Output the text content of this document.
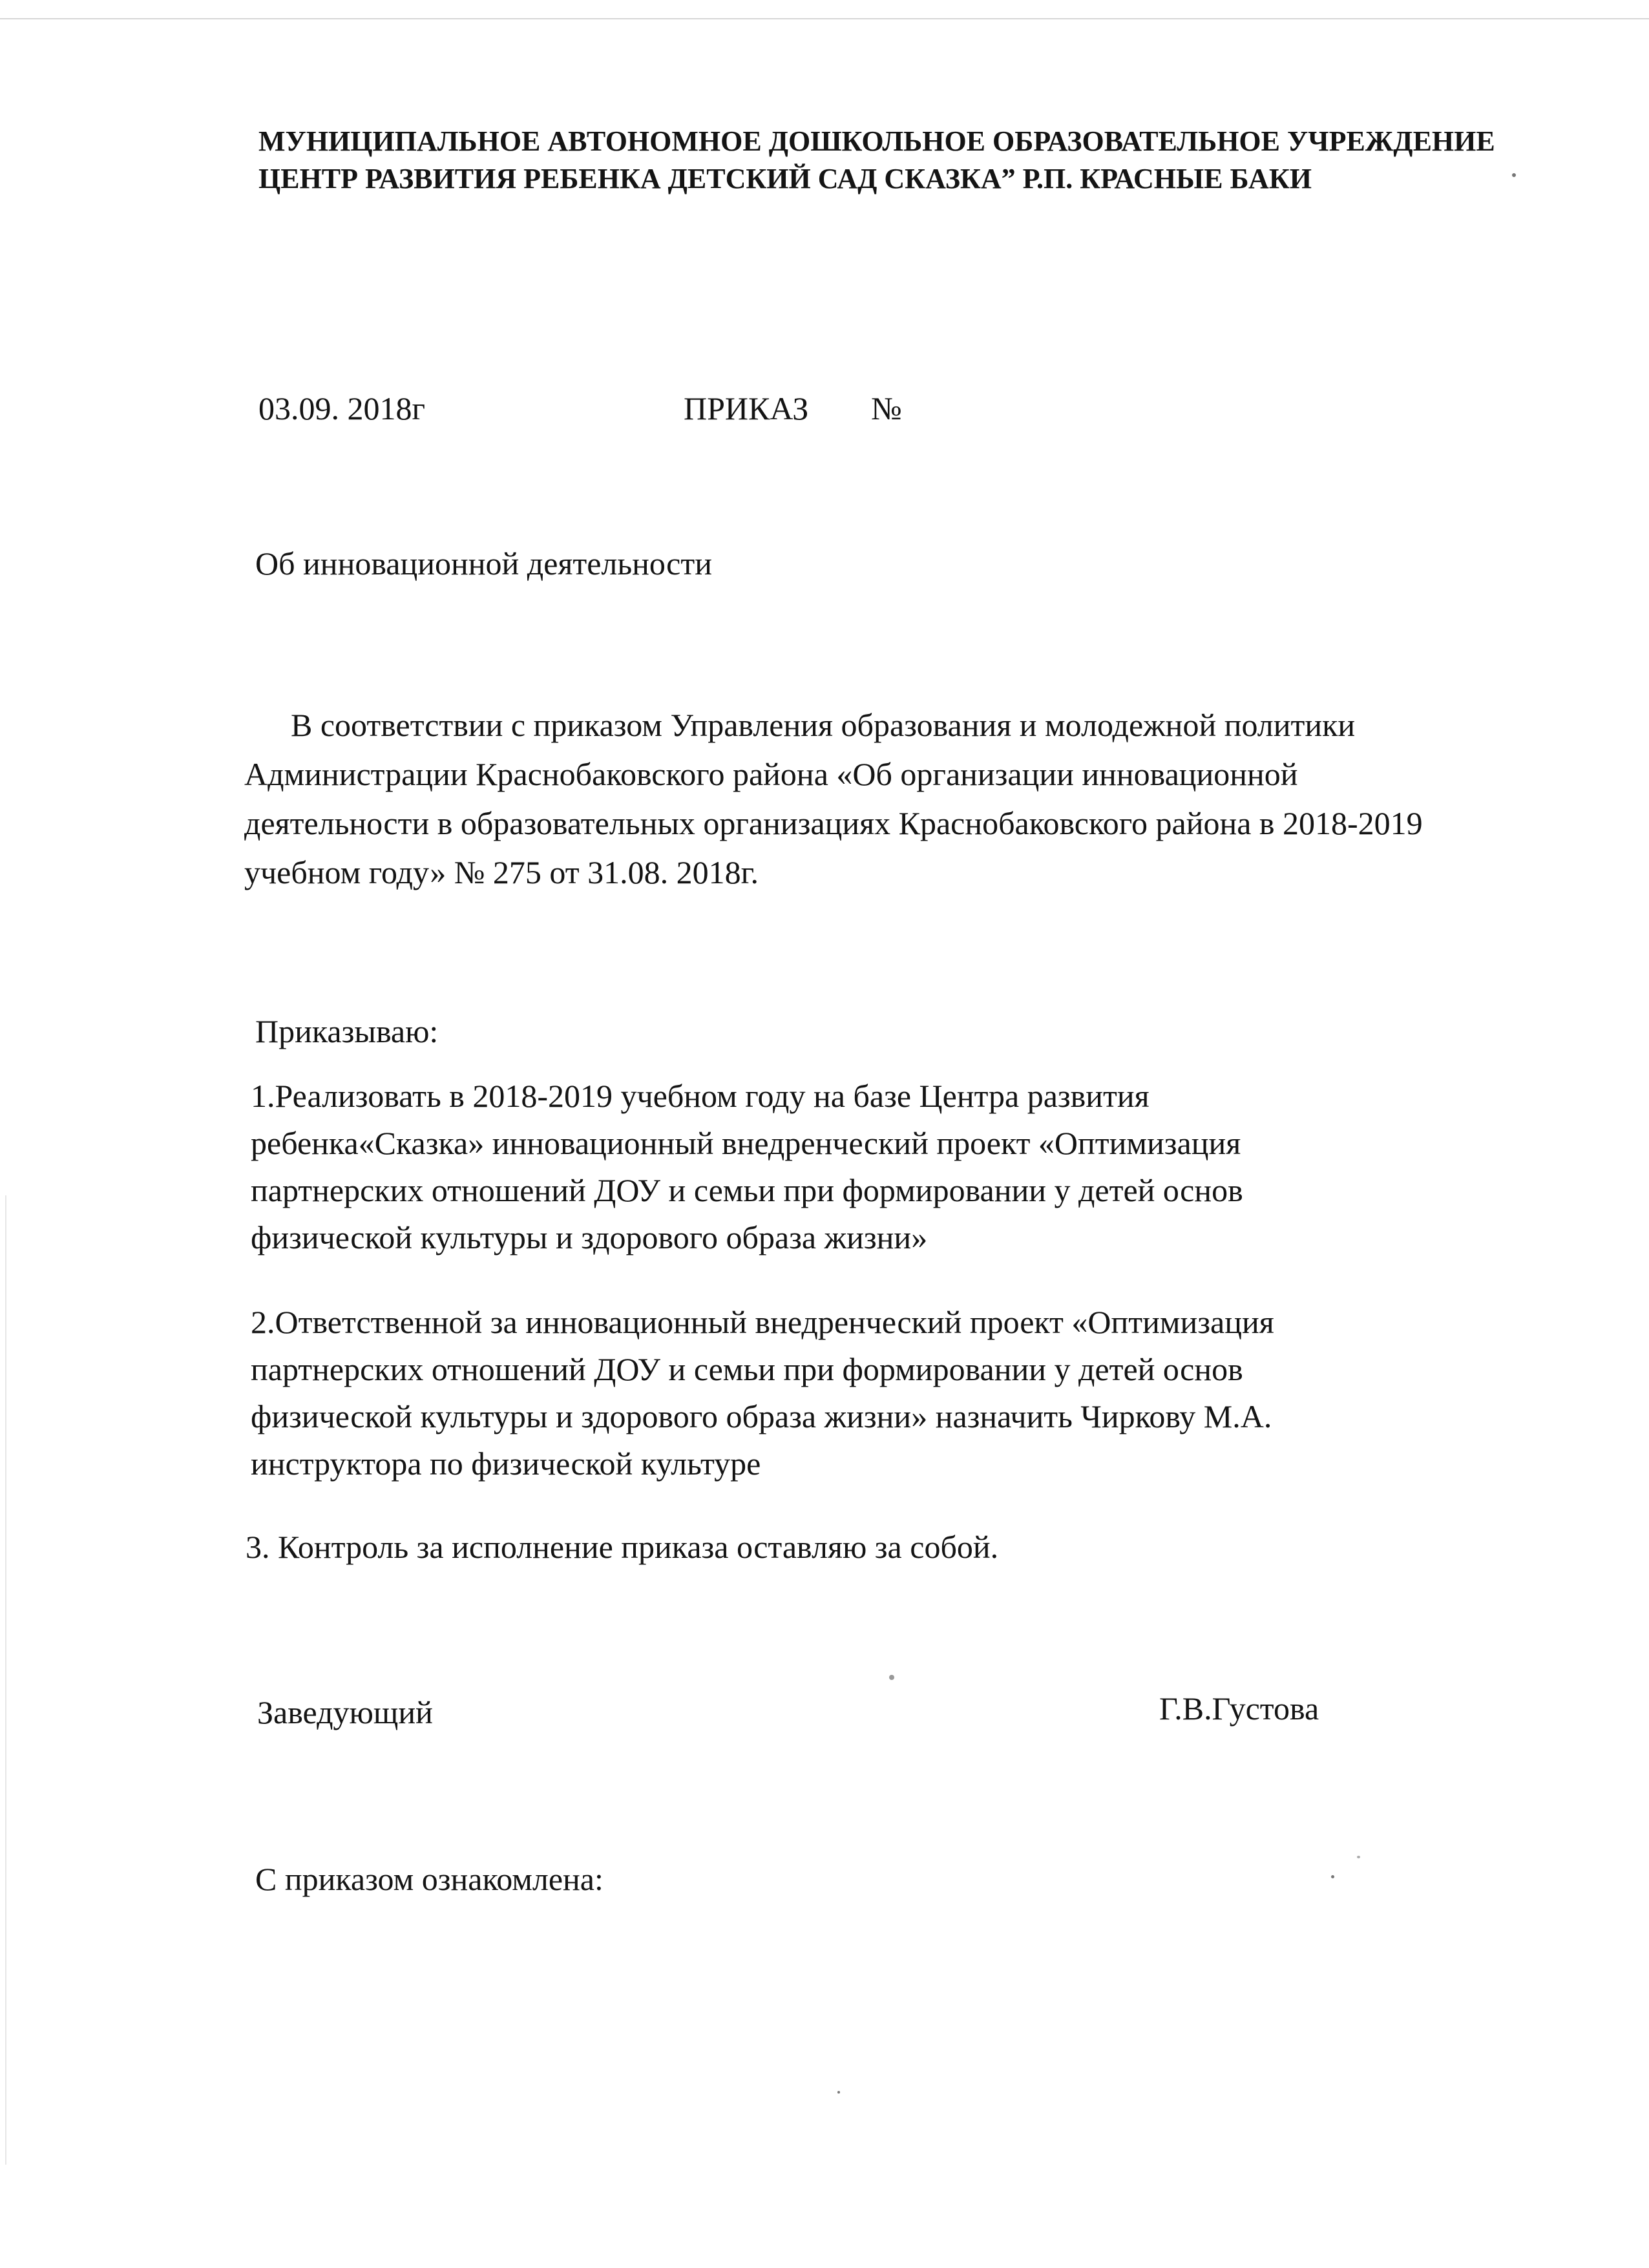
МУНИЦИПАЛЬНОЕ АВТОНОМНОЕ ДОШКОЛЬНОЕ ОБРАЗОВАТЕЛЬНОЕ УЧРЕЖДЕНИЕ
ЦЕНТР РАЗВИТИЯ РЕБЕНКА ДЕТСКИЙ САД СКАЗКА” Р.П. КРАСНЫЕ БАКИ
03.09. 2018г	ПРИКАЗ №
Об инновационной деятельности
В соответствии с приказом Управления образования и молодежной политики
Администрации Краснобаковского района «Об организации инновационной
деятельности в образовательных организациях Краснобаковского района в 2018-2019
учебном году» № 275 от 31.08. 2018г.
Приказываю:
1.Реализовать в 2018-2019 учебном году на базе Центра развития
ребенка«Сказка» инновационный внедренческий проект «Оптимизация
партнерских отношений ДОУ и семьи при формировании у детей основ
физической культуры и здорового образа жизни»
2.Ответственной за инновационный внедренческий проект «Оптимизация
партнерских отношений ДОУ и семьи при формировании у детей основ
физической культуры и здорового образа жизни» назначить Чиркову М.А.
инструктора по физической культуре
3. Контроль за исполнение приказа оставляю за собой.
Заведующий	Г.В.Густова
С приказом ознакомлена:
